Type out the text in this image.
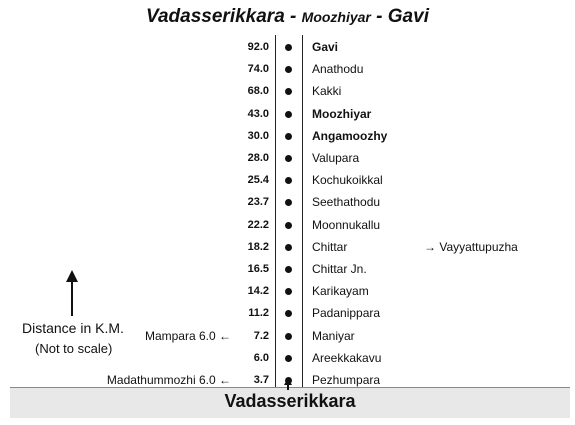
Vadasserikkara - Moozhiyar - Gavi
92.0	Gavi
74.0	Anathodu
68.0	Kakki
43.0	Moozhiyar
30.0	Angamoozhy
28.0	Valupara
25.4	Kochukoikkal
23.7	Seethathodu
22.2	Moonnukallu
18.2	Chittar	→ Vayyattupuzha
16.5	Chittar Jn.
14.2	Karikayam
11.2	Padanippara
7.2	Maniyar
Mampara 6.0 ←
6.0	Areekkakavu
3.7	Pezhumpara
Madathummozhi 6.0 ←
Distance in K.M.
(Not to scale)
Vadasserikkara
